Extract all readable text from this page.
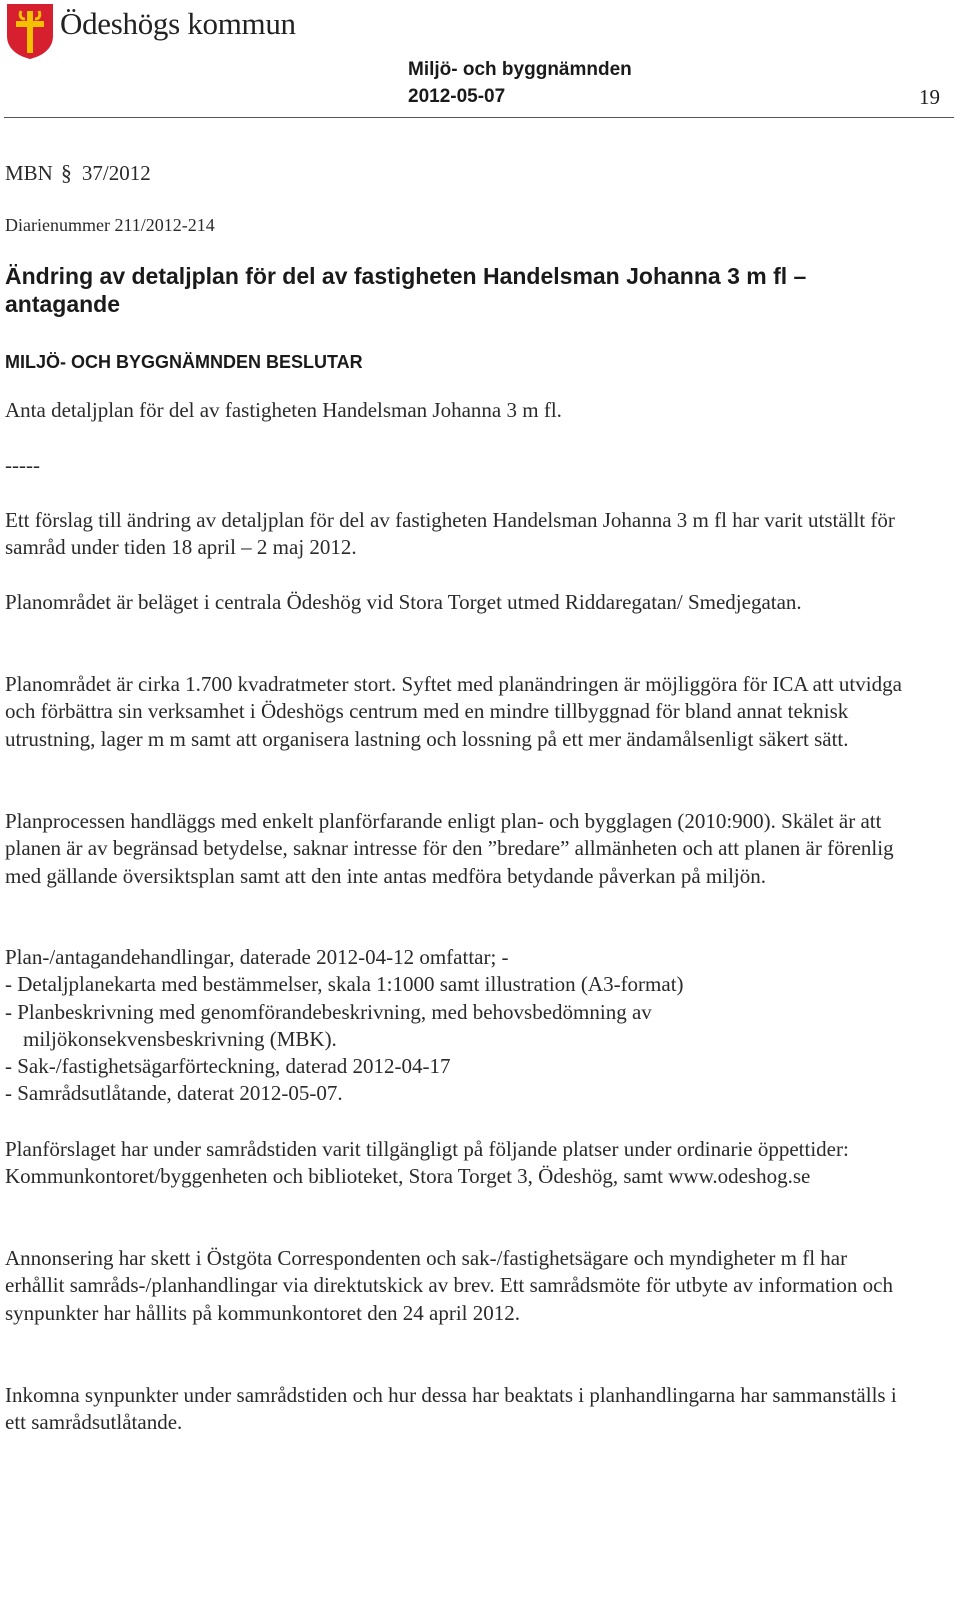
Ödeshögs kommun
Miljö- och byggnämnden
2012-05-07	19
MBN § 37/2012
Diarienummer 211/2012-214
Ändring av detaljplan för del av fastigheten Handelsman Johanna 3 m fl – antagande
MILJÖ- OCH BYGGNÄMNDEN BESLUTAR

Anta detaljplan för del av fastigheten Handelsman Johanna 3 m fl.

-----

Ett förslag till ändring av detaljplan för del av fastigheten Handelsman Johanna 3 m fl har varit utställt för samråd under tiden 18 april – 2 maj 2012.

Planområdet är beläget i centrala Ödeshög vid Stora Torget utmed Riddaregatan/ Smedjegatan.

Planområdet är cirka 1.700 kvadratmeter stort. Syftet med planändringen är möjliggöra för ICA att utvidga och förbättra sin verksamhet i Ödeshögs centrum med en mindre tillbyggnad för bland annat teknisk utrustning, lager m m samt att organisera lastning och lossning på ett mer ändamålsenligt säkert sätt.

Planprocessen handläggs med enkelt planförfarande enligt plan- och bygglagen (2010:900). Skälet är att planen är av begränsad betydelse, saknar intresse för den ”bredare” allmänheten och att planen är förenlig med gällande översiktsplan samt att den inte antas medföra betydande påverkan på miljön.

Plan-/antagandehandlingar, daterade 2012-04-12 omfattar; -

- Detaljplanekarta med bestämmelser, skala 1:1000 samt illustration (A3-format)

- Planbeskrivning med genomförandebeskrivning, med behovsbedömning av

miljökonsekvensbeskrivning (MBK).

- Sak-/fastighetsägarförteckning, daterad 2012-04-17

- Samrådsutlåtande, daterat 2012-05-07.

Planförslaget har under samrådstiden varit tillgängligt på följande platser under ordinarie öppettider: Kommunkontoret/byggenheten och biblioteket, Stora Torget 3, Ödeshög, samt www.odeshog.se

Annonsering har skett i Östgöta Correspondenten och sak-/fastighetsägare och myndigheter m fl har erhållit samråds-/planhandlingar via direktutskick av brev. Ett samrådsmöte för utbyte av information och synpunkter har hållits på kommunkontoret den 24 april 2012.

Inkomna synpunkter under samrådstiden och hur dessa har beaktats i planhandlingarna har sammanställs i ett samrådsutlåtande.
